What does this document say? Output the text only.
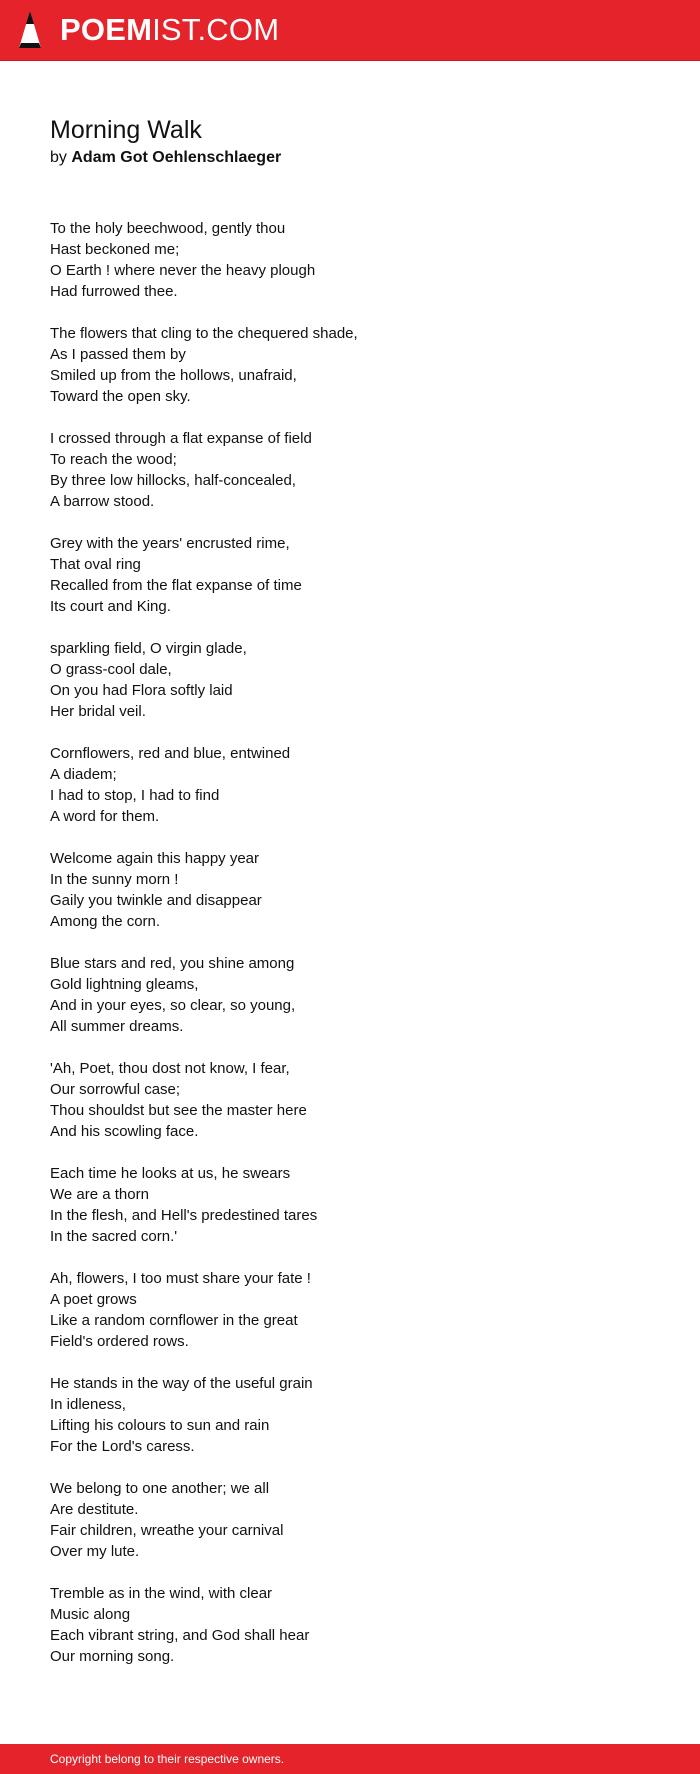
POEMIST.COM
Morning Walk
by Adam Got Oehlenschlaeger
To the holy beechwood, gently thou
Hast beckoned me;
O Earth ! where never the heavy plough
Had furrowed thee.
The flowers that cling to the chequered shade,
As I passed them by
Smiled up from the hollows, unafraid,
Toward the open sky.
I crossed through a flat expanse of field
To reach the wood;
By three low hillocks, half-concealed,
A barrow stood.
Grey with the years' encrusted rime,
That oval ring
Recalled from the flat expanse of time
Its court and King.
sparkling field, O virgin glade,
O grass-cool dale,
On you had Flora softly laid
Her bridal veil.
Cornflowers, red and blue, entwined
A diadem;
I had to stop, I had to find
A word for them.
Welcome again this happy year
In the sunny morn !
Gaily you twinkle and disappear
Among the corn.
Blue stars and red, you shine among
Gold lightning gleams,
And in your eyes, so clear, so young,
All summer dreams.
'Ah, Poet, thou dost not know, I fear,
Our sorrowful case;
Thou shouldst but see the master here
And his scowling face.
Each time he looks at us, he swears
We are a thorn
In the flesh, and Hell's predestined tares
In the sacred corn.'
Ah, flowers, I too must share your fate !
A poet grows
Like a random cornflower in the great
Field's ordered rows.
He stands in the way of the useful grain
In idleness,
Lifting his colours to sun and rain
For the Lord's caress.
We belong to one another; we all
Are destitute.
Fair children, wreathe your carnival
Over my lute.
Tremble as in the wind, with clear
Music along
Each vibrant string, and God shall hear
Our morning song.
Copyright belong to their respective owners.
